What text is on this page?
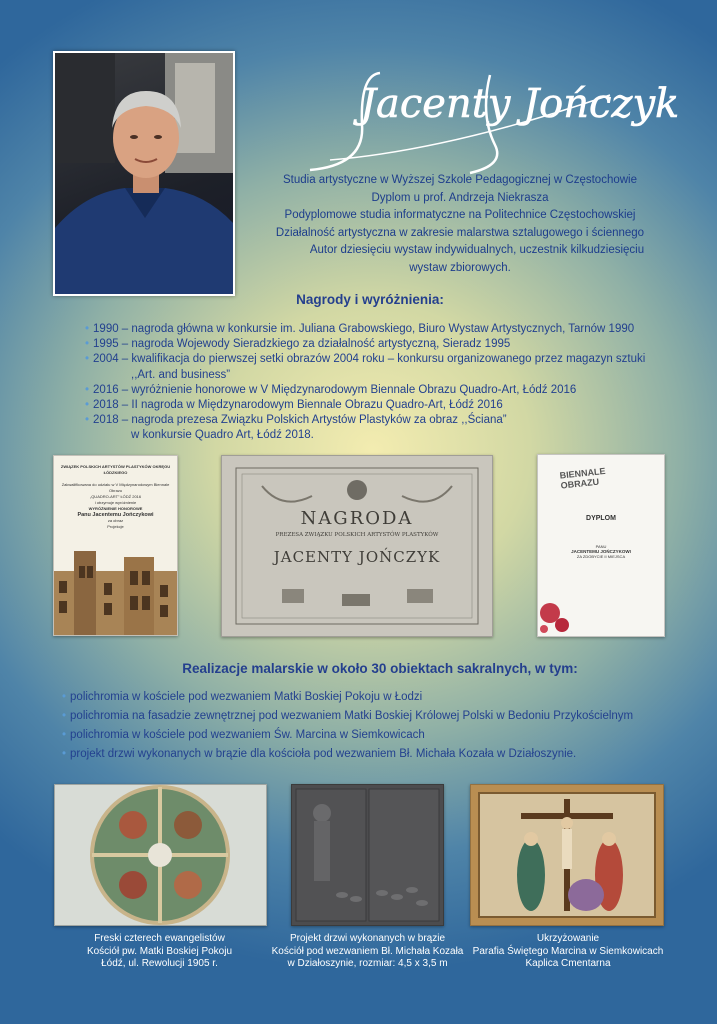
Jacenty Jończyk
Studia artystyczne w Wyższej Szkole Pedagogicznej w Częstochowie
Dyplom u prof. Andrzeja Niekrasza
Podyplomowe studia informatyczne na Politechnice Częstochowskiej
Działalność artystyczna w zakresie malarstwa sztalugowego i ściennego
Autor dziesięciu wystaw indywidualnych, uczestnik kilkudziesięciu
wystaw zbiorowych.
Nagrody i wyróżnienia:
• 1990 – nagroda główna w konkursie im. Juliana Grabowskiego, Biuro Wystaw Artystycznych, Tarnów 1990
• 1995 – nagroda Wojewody Sieradzkiego za działalność artystyczną, Sieradz 1995
• 2004 – kwalifikacja do pierwszej setki obrazów 2004 roku – konkursu organizowanego przez magazyn sztuki
,,Art. and business”
• 2016 – wyróżnienie honorowe w V Międzynarodowym Biennale Obrazu Quadro-Art, Łódź 2016
• 2018 – II nagroda w Międzynarodowym Biennale Obrazu Quadro-Art, Łódź 2016
• 2018 – nagroda prezesa Związku Polskich Artystów Plastyków za obraz ,,Ściana”
w konkursie Quadro Art, Łódź 2018.
ZWIĄZEK POLSKICH ARTYSTÓW PLASTYKÓW OKRĘGU ŁÓDZKIEGO
Zakwalifikowana do udziału w V Międzynarodowym Biennale Obrazu
„QUADRO-ART” ŁÓDŹ 2016
i otrzymuje wyróżnienie
WYRÓŻNIENIE HONOROWE
Panu Jacentemu Jończykowi
za obraz
Projekcje	NAGRODA
PREZESA ZWIĄZKU POLSKICH ARTYSTÓW PLASTYKÓW
JACENTY JOŃCZYK
BIENNALE OBRAZU
DYPLOM
PANU
JACENTEMU JOŃCZYKOWI
ZA ZDOBYCIE II MIEJSCA
Realizacje malarskie w około 30 obiektach sakralnych, w tym:
• polichromia w kościele pod wezwaniem Matki Boskiej Pokoju w Łodzi
• polichromia na fasadzie zewnętrznej pod wezwaniem Matki Boskiej Królowej Polski w Bedoniu Przykościelnym
• polichromia w kościele pod wezwaniem Św. Marcina w Siemkowicach
• projekt drzwi wykonanych w brązie dla kościoła pod wezwaniem Bł. Michała Kozała w Działoszynie.
Freski czterech ewangelistów
Kościół pw. Matki Boskiej Pokoju
Łódź, ul. Rewolucji 1905 r.
Projekt drzwi wykonanych w brązie
Kościół pod wezwaniem Bł. Michała Kozała
w Działoszynie, rozmiar: 4,5 x 3,5 m
Ukrzyżowanie
Parafia Świętego Marcina w Siemkowicach
Kaplica Cmentarna
